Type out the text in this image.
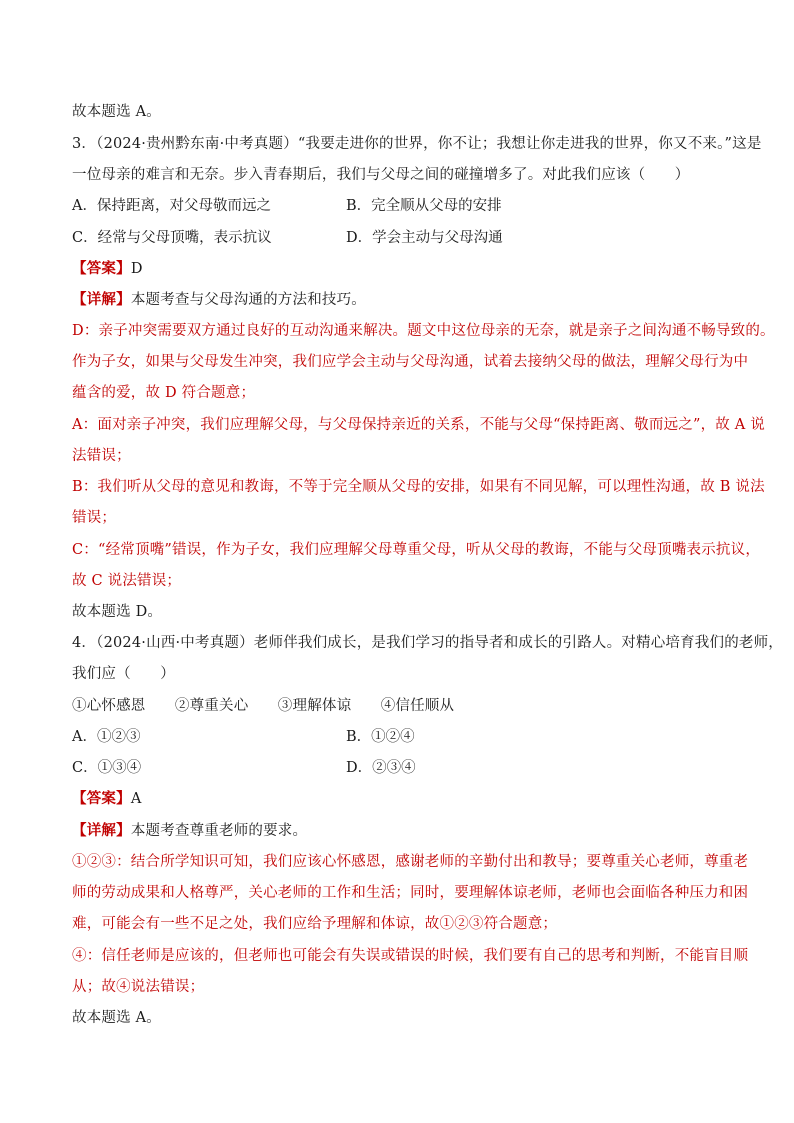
故本题选 A。
3．（2024·贵州黔东南·中考真题）“我要走进你的世界，你不让；我想让你走进我的世界，你又不来。”这是
一位母亲的难言和无奈。步入青春期后，我们与父母之间的碰撞增多了。对此我们应该（　　）
A．保持距离，对父母敬而远之	B．完全顺从父母的安排
C．经常与父母顶嘴，表示抗议	D．学会主动与父母沟通
【答案】D
【详解】本题考查与父母沟通的方法和技巧。
D：亲子冲突需要双方通过良好的互动沟通来解决。题文中这位母亲的无奈，就是亲子之间沟通不畅导致的。
作为子女，如果与父母发生冲突，我们应学会主动与父母沟通，试着去接纳父母的做法，理解父母行为中
蕴含的爱，故 D 符合题意；
A：面对亲子冲突，我们应理解父母，与父母保持亲近的关系，不能与父母“保持距离、敬而远之”，故 A 说
法错误；
B：我们听从父母的意见和教诲，不等于完全顺从父母的安排，如果有不同见解，可以理性沟通，故 B 说法
错误；
C：“经常顶嘴”错误，作为子女，我们应理解父母尊重父母，听从父母的教诲，不能与父母顶嘴表示抗议，
故 C 说法错误；
故本题选 D。
4．（2024·山西·中考真题）老师伴我们成长，是我们学习的指导者和成长的引路人。对精心培育我们的老师，
我们应（　　）
①心怀感恩　　②尊重关心　　③理解体谅　　④信任顺从
A．①②③	B．①②④
C．①③④	D．②③④
【答案】A
【详解】本题考查尊重老师的要求。
①②③：结合所学知识可知，我们应该心怀感恩，感谢老师的辛勤付出和教导；要尊重关心老师，尊重老
师的劳动成果和人格尊严，关心老师的工作和生活；同时，要理解体谅老师，老师也会面临各种压力和困
难，可能会有一些不足之处，我们应给予理解和体谅，故①②③符合题意；
④：信任老师是应该的，但老师也可能会有失误或错误的时候，我们要有自己的思考和判断，不能盲目顺
从；故④说法错误；
故本题选 A。
